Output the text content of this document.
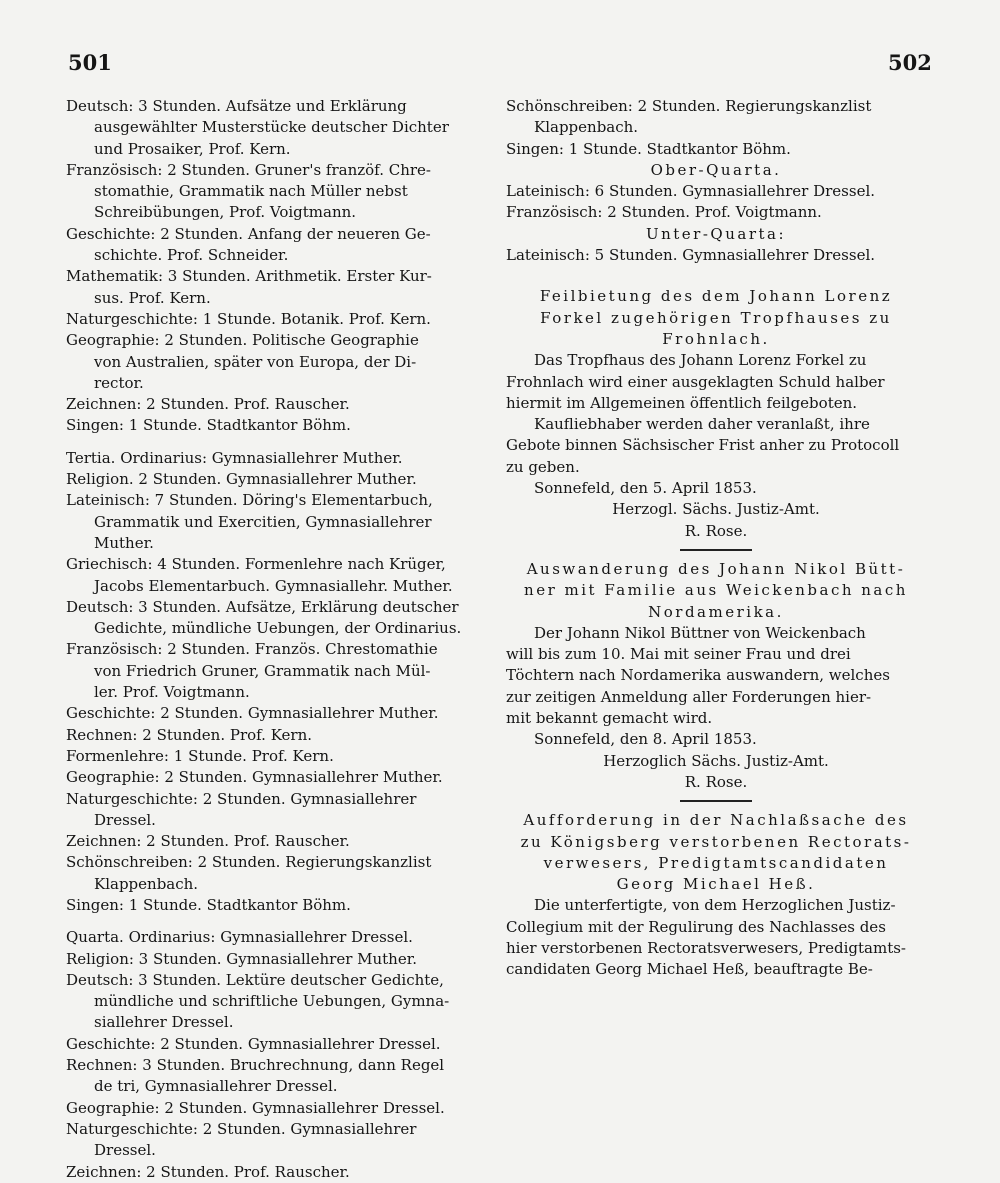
501	502
Deutsch: 3 Stunden. Aufsätze und Erklärung
ausgewählter Musterstücke deutscher Dichter
und Prosaiker, Prof. Kern.
Französisch: 2 Stunden. Gruner's franzöf. Chre-
stomathie, Grammatik nach Müller nebst
Schreibübungen, Prof. Voigtmann.
Geschichte: 2 Stunden. Anfang der neueren Ge-
schichte. Prof. Schneider.
Mathematik: 3 Stunden. Arithmetik. Erster Kur-
sus. Prof. Kern.
Naturgeschichte: 1 Stunde. Botanik. Prof. Kern.
Geographie: 2 Stunden. Politische Geographie
von Australien, später von Europa, der Di-
rector.
Zeichnen: 2 Stunden. Prof. Rauscher.
Singen: 1 Stunde. Stadtkantor Böhm.
Tertia. Ordinarius: Gymnasiallehrer Muther.
Religion. 2 Stunden. Gymnasiallehrer Muther.
Lateinisch: 7 Stunden. Döring's Elementarbuch,
Grammatik und Exercitien, Gymnasiallehrer
Muther.
Griechisch: 4 Stunden. Formenlehre nach Krüger,
Jacobs Elementarbuch. Gymnasiallehr. Muther.
Deutsch: 3 Stunden. Aufsätze, Erklärung deutscher
Gedichte, mündliche Uebungen, der Ordinarius.
Französisch: 2 Stunden. Französ. Chrestomathie
von Friedrich Gruner, Grammatik nach Mül-
ler. Prof. Voigtmann.
Geschichte: 2 Stunden. Gymnasiallehrer Muther.
Rechnen: 2 Stunden. Prof. Kern.
Formenlehre: 1 Stunde. Prof. Kern.
Geographie: 2 Stunden. Gymnasiallehrer Muther.
Naturgeschichte: 2 Stunden. Gymnasiallehrer
Dressel.
Zeichnen: 2 Stunden. Prof. Rauscher.
Schönschreiben: 2 Stunden. Regierungskanzlist
Klappenbach.
Singen: 1 Stunde. Stadtkantor Böhm.
Quarta. Ordinarius: Gymnasiallehrer Dressel.
Religion: 3 Stunden. Gymnasiallehrer Muther.
Deutsch: 3 Stunden. Lektüre deutscher Gedichte,
mündliche und schriftliche Uebungen, Gymna-
siallehrer Dressel.
Geschichte: 2 Stunden. Gymnasiallehrer Dressel.
Rechnen: 3 Stunden. Bruchrechnung, dann Regel
de tri, Gymnasiallehrer Dressel.
Geographie: 2 Stunden. Gymnasiallehrer Dressel.
Naturgeschichte: 2 Stunden. Gymnasiallehrer
Dressel.
Zeichnen: 2 Stunden. Prof. Rauscher.
Schönschreiben: 2 Stunden. Regierungskanzlist
Klappenbach.
Singen: 1 Stunde. Stadtkantor Böhm.
Ober-Quarta.
Lateinisch: 6 Stunden. Gymnasiallehrer Dressel.
Französisch: 2 Stunden. Prof. Voigtmann.
Unter-Quarta:
Lateinisch: 5 Stunden. Gymnasiallehrer Dressel.
Feilbietung des dem Johann Lorenz
Forkel zugehörigen Tropfhauses zu
Frohnlach.
Das Tropfhaus des Johann Lorenz Forkel zu
Frohnlach wird einer ausgeklagten Schuld halber
hiermit im Allgemeinen öffentlich feilgeboten.
Kaufliebhaber werden daher veranlaßt, ihre
Gebote binnen Sächsischer Frist anher zu Protocoll
zu geben.
Sonnefeld, den 5. April 1853.
Herzogl. Sächs. Justiz-Amt.
R. Rose.
Auswanderung des Johann Nikol Bütt-
ner mit Familie aus Weickenbach nach
Nordamerika.
Der Johann Nikol Büttner von Weickenbach
will bis zum 10. Mai mit seiner Frau und drei
Töchtern nach Nordamerika auswandern, welches
zur zeitigen Anmeldung aller Forderungen hier-
mit bekannt gemacht wird.
Sonnefeld, den 8. April 1853.
Herzoglich Sächs. Justiz-Amt.
R. Rose.
Aufforderung in der Nachlaßsache des
zu Königsberg verstorbenen Rectorats-
verwesers, Predigtamtscandidaten
Georg Michael Heß.
Die unterfertigte, von dem Herzoglichen Justiz-
Collegium mit der Regulirung des Nachlasses des
hier verstorbenen Rectoratsverwesers, Predigtamts-
candidaten Georg Michael Heß, beauftragte Be-
